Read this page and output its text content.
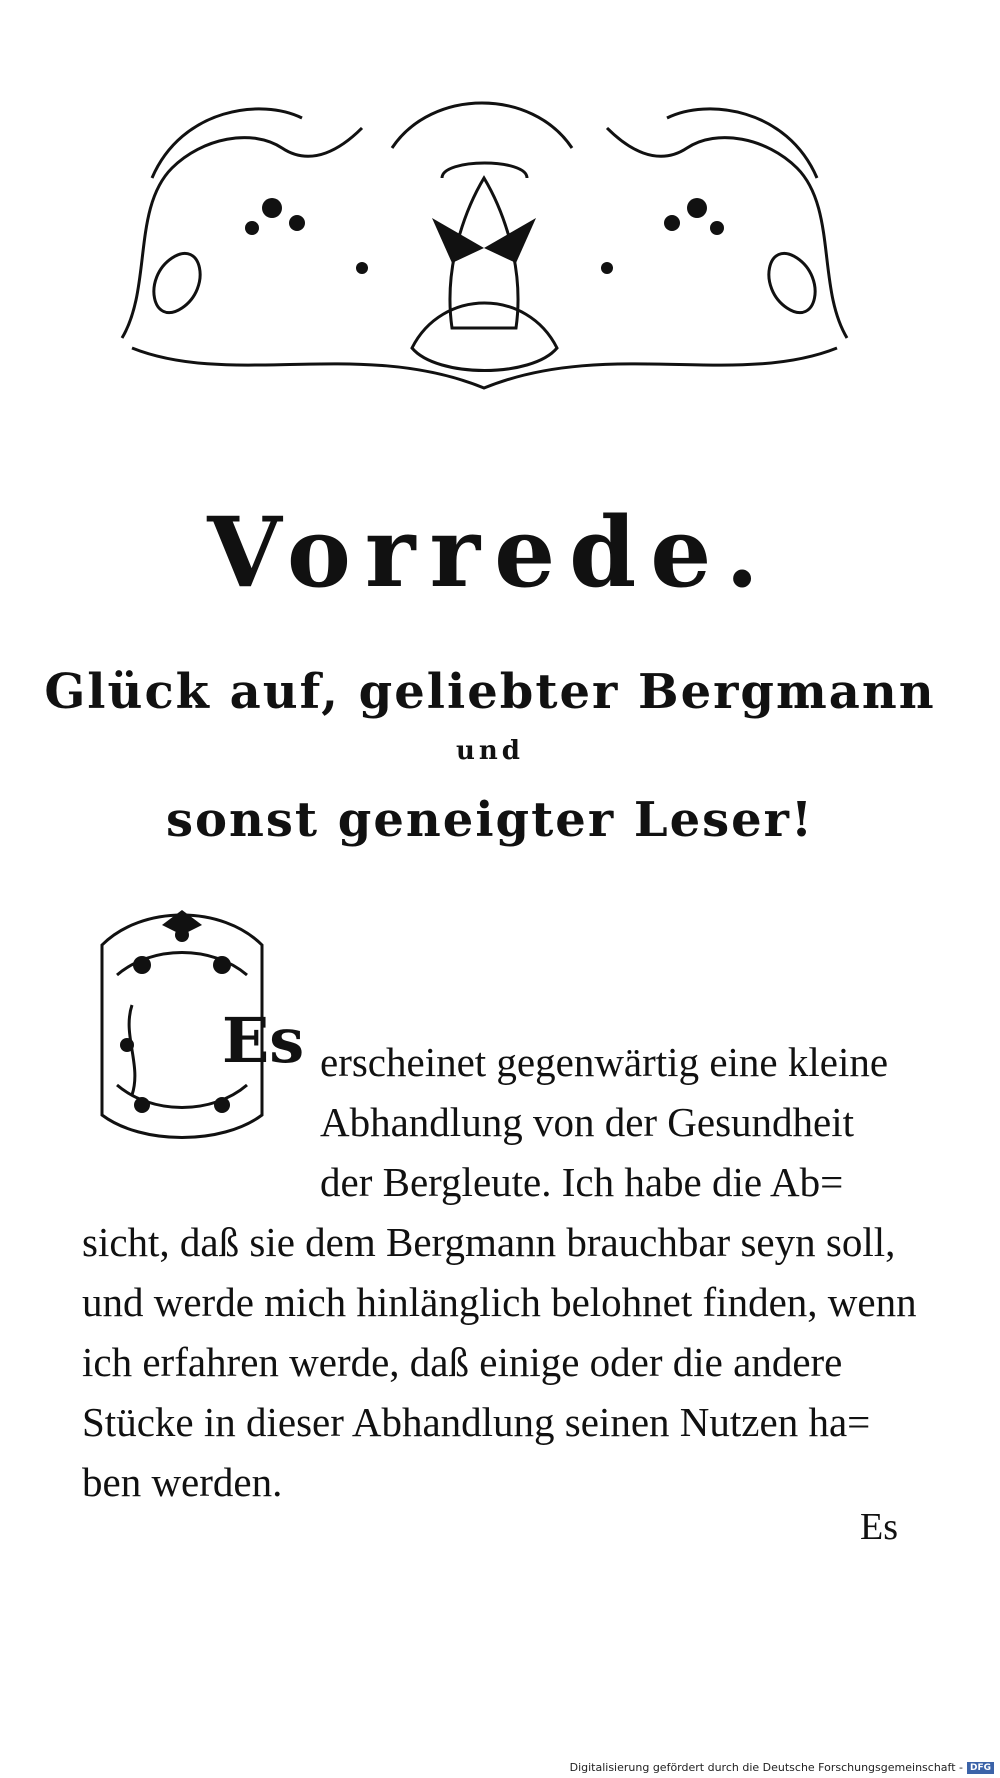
Vorrede.
Glück auf, geliebter Bergmann
und
sonst geneigter Leser!
Es erscheinet gegenwärtig eine kleine
Abhandlung von der Gesundheit
der Bergleute. Ich habe die Ab=
sicht, daß sie dem Bergmann brauchbar seyn soll,
und werde mich hinlänglich belohnet finden, wenn
ich erfahren werde, daß einige oder die andere
Stücke in dieser Abhandlung seinen Nutzen ha=
ben werden.
Es
Digitalisierung gefördert durch die Deutsche Forschungsgemeinschaft - DFG
